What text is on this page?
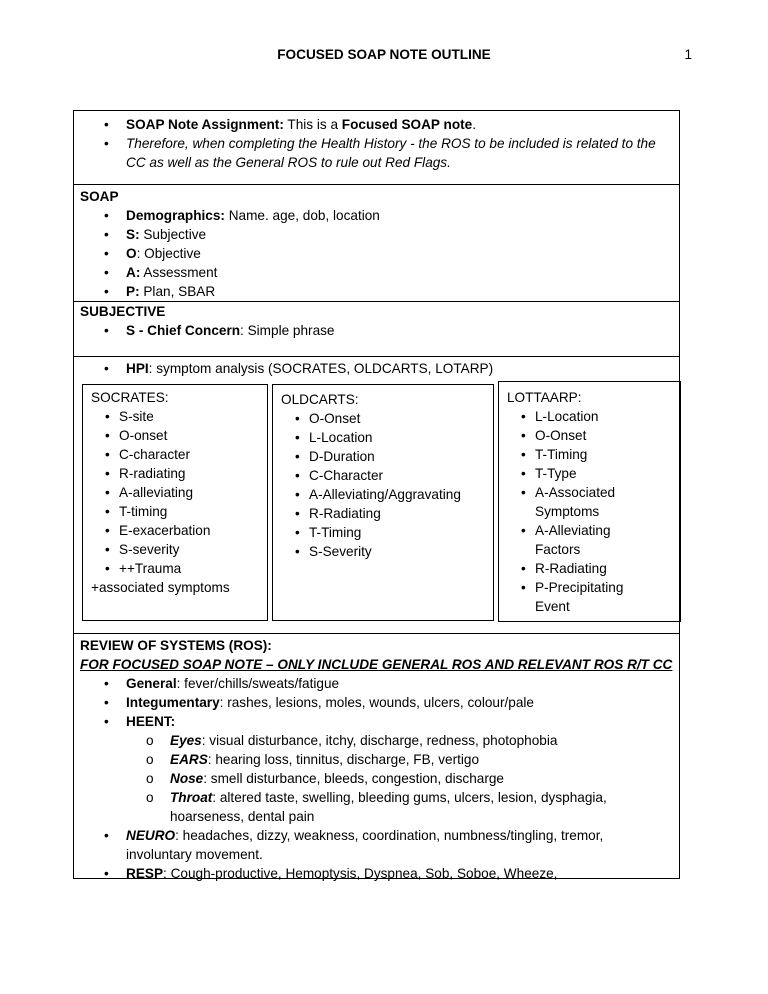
FOCUSED SOAP NOTE OUTLINE	1
• SOAP Note Assignment: This is a Focused SOAP note.
• Therefore, when completing the Health History - the ROS to be included is related to the
CC as well as the General ROS to rule out Red Flags.
SOAP
• Demographics: Name. age, dob, location
• S: Subjective
• O: Objective
• A: Assessment
• P: Plan, SBAR
SUBJECTIVE
• S - Chief Concern: Simple phrase
• HPI: symptom analysis (SOCRATES, OLDCARTS, LOTARP)
SOCRATES:
• S-site
• O-onset
• C-character
• R-radiating
• A-alleviating
• T-timing
• E-exacerbation
• S-severity
• ++Trauma
+associated symptoms
OLDCARTS:
• O-Onset
• L-Location
• D-Duration
• C-Character
• A-Alleviating/Aggravating
• R-Radiating
• T-Timing
• S-Severity
LOTTAARP:
• L-Location
• O-Onset
• T-Timing
• T-Type
• A-Associated
Symptoms
• A-Alleviating
Factors
• R-Radiating
• P-Precipitating
Event
REVIEW OF SYSTEMS (ROS):
FOR FOCUSED SOAP NOTE – ONLY INCLUDE GENERAL ROS AND RELEVANT ROS R/T CC
• General: fever/chills/sweats/fatigue
• Integumentary: rashes, lesions, moles, wounds, ulcers, colour/pale
• HEENT:
o Eyes: visual disturbance, itchy, discharge, redness, photophobia
o EARS: hearing loss, tinnitus, discharge, FB, vertigo
o Nose: smell disturbance, bleeds, congestion, discharge
o Throat: altered taste, swelling, bleeding gums, ulcers, lesion, dysphagia,
hoarseness, dental pain
• NEURO: headaches, dizzy, weakness, coordination, numbness/tingling, tremor,
involuntary movement.
• RESP: Cough-productive, Hemoptysis, Dyspnea, Sob, Soboe, Wheeze,
